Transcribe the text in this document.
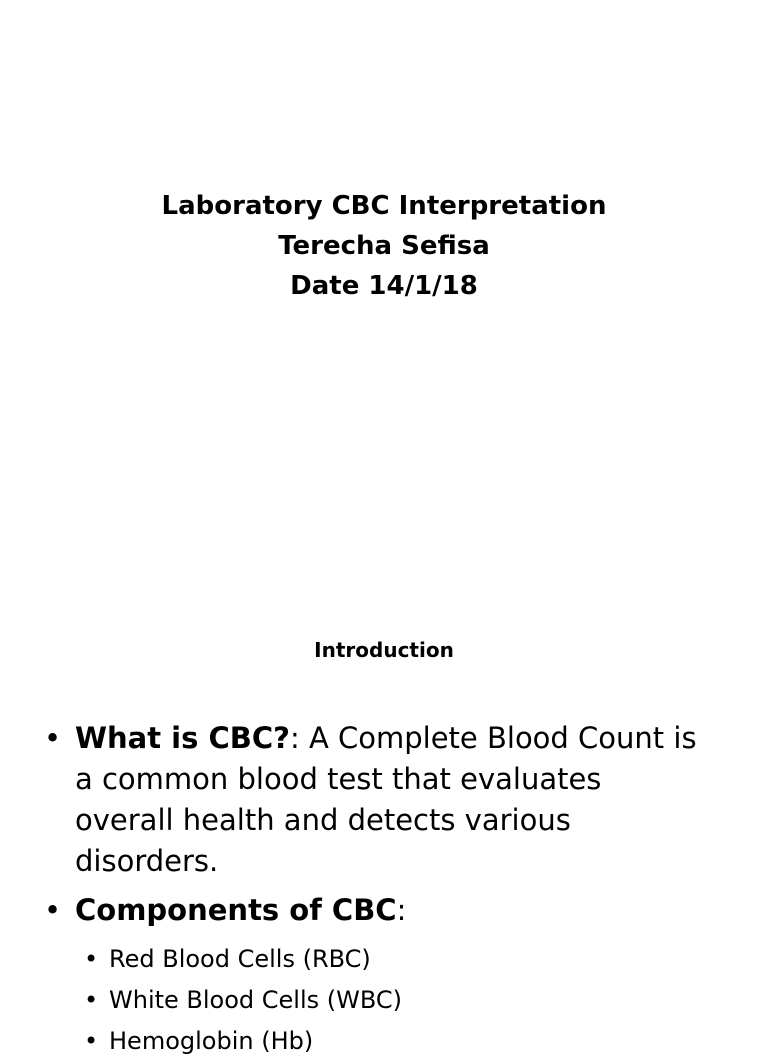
Laboratory CBC Interpretation
Terecha Sefisa
Date 14/1/18
Introduction
• What is CBC?: A Complete Blood Count is a common blood test that evaluates overall health and detects various disorders.
• Components of CBC:
• Red Blood Cells (RBC)
• White Blood Cells (WBC)
• Hemoglobin (Hb)
